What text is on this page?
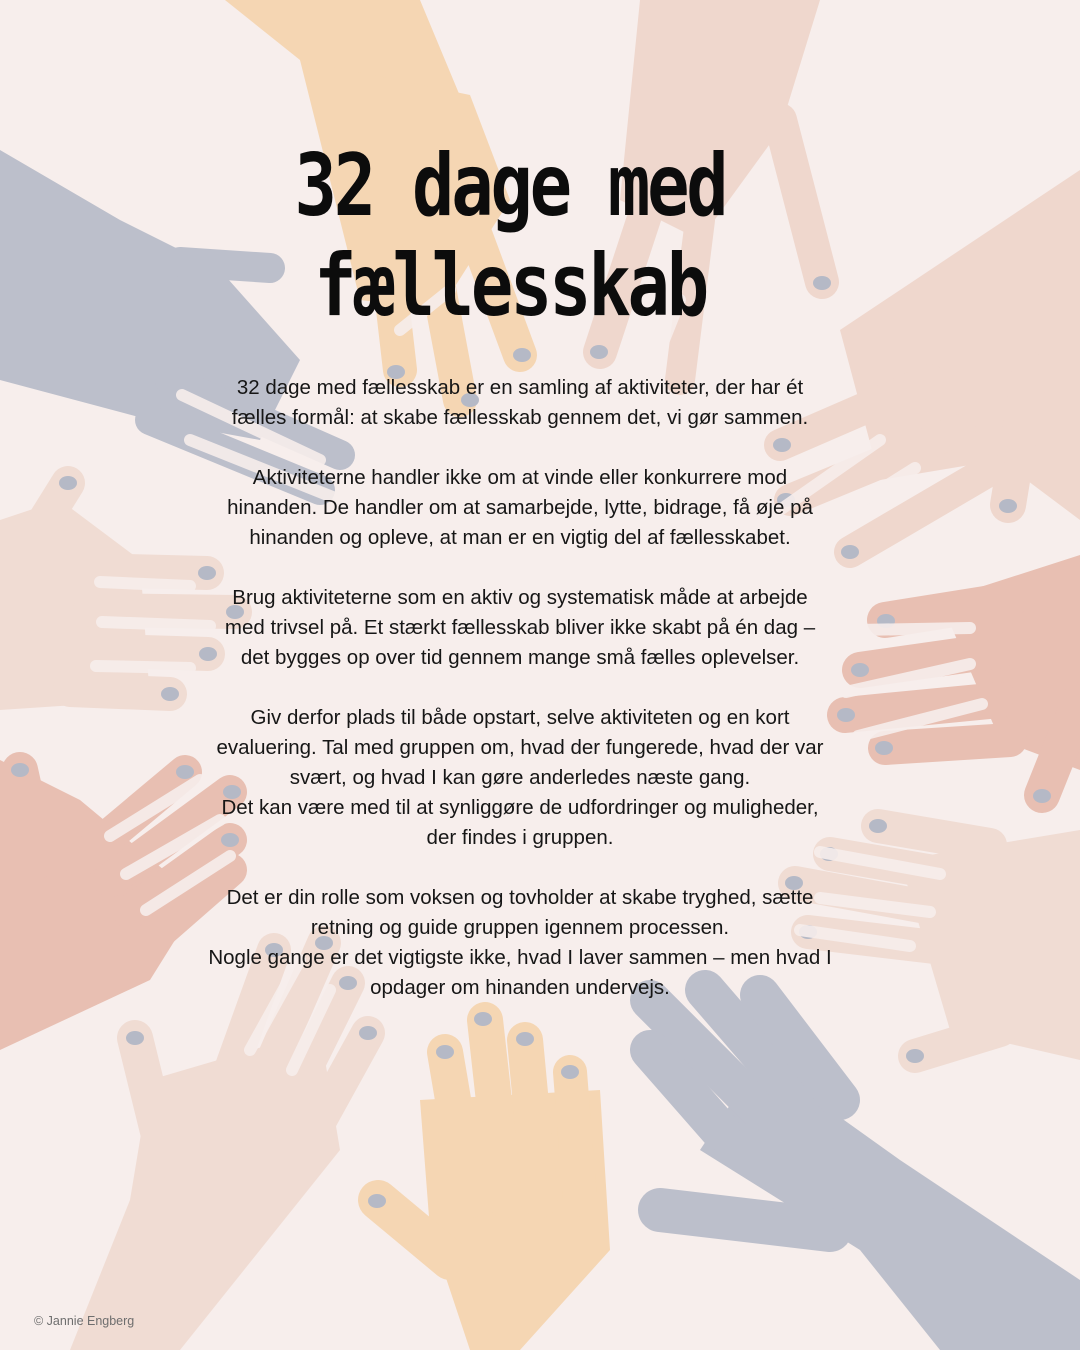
32 dage med
fællesskab

32 dage med fællesskab er en samling af aktiviteter, der har ét
fælles formål: at skabe fællesskab gennem det, vi gør sammen.

Aktiviteterne handler ikke om at vinde eller konkurrere mod
hinanden. De handler om at samarbejde, lytte, bidrage, få øje på
hinanden og opleve, at man er en vigtig del af fællesskabet.

Brug aktiviteterne som en aktiv og systematisk måde at arbejde
med trivsel på. Et stærkt fællesskab bliver ikke skabt på én dag –
det bygges op over tid gennem mange små fælles oplevelser.

Giv derfor plads til både opstart, selve aktiviteten og en kort
evaluering. Tal med gruppen om, hvad der fungerede, hvad der var
svært, og hvad I kan gøre anderledes næste gang.
Det kan være med til at synliggøre de udfordringer og muligheder,
der findes i gruppen.

Det er din rolle som voksen og tovholder at skabe tryghed, sætte
retning og guide gruppen igennem processen.
Nogle gange er det vigtigste ikke, hvad I laver sammen – men hvad I
opdager om hinanden undervejs.

© Jannie Engberg
